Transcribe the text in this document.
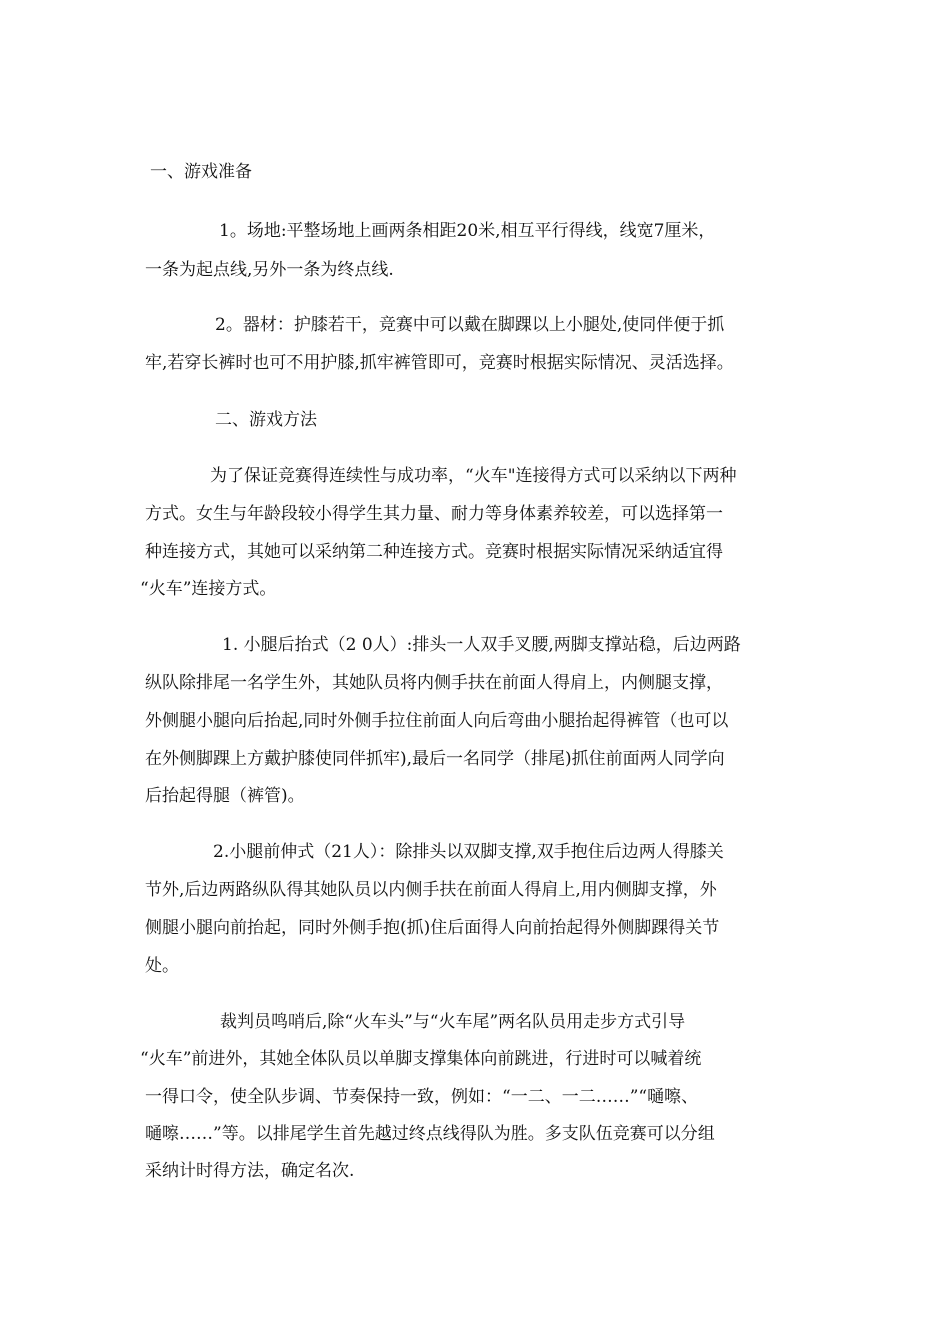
一、游戏准备
1。场地:平整场地上画两条相距20米,相互平行得线，线宽7厘米，
一条为起点线,另外一条为终点线.
2。器材：护膝若干，竞赛中可以戴在脚踝以上小腿处,使同伴便于抓
牢,若穿长裤时也可不用护膝,抓牢裤管即可，竞赛时根据实际情况、灵活选择。
二、游戏方法
为了保证竞赛得连续性与成功率，“火车"连接得方式可以采纳以下两种
方式。女生与年龄段较小得学生其力量、耐力等身体素养较差，可以选择第一
种连接方式，其她可以采纳第二种连接方式。竞赛时根据实际情况采纳适宜得
“火车”连接方式。
1. 小腿后抬式（2 0人）:排头一人双手叉腰,两脚支撑站稳，后边两路
纵队除排尾一名学生外，其她队员将内侧手扶在前面人得肩上，内侧腿支撑，
外侧腿小腿向后抬起,同时外侧手拉住前面人向后弯曲小腿抬起得裤管（也可以
在外侧脚踝上方戴护膝使同伴抓牢),最后一名同学（排尾)抓住前面两人同学向
后抬起得腿（裤管)。
2.小腿前伸式（21人）：除排头以双脚支撑,双手抱住后边两人得膝关
节外,后边两路纵队得其她队员以内侧手扶在前面人得肩上,用内侧脚支撑，外
侧腿小腿向前抬起，同时外侧手抱(抓)住后面得人向前抬起得外侧脚踝得关节
处。
裁判员鸣哨后,除“火车头”与“火车尾”两名队员用走步方式引导
“火车”前进外，其她全体队员以单脚支撑集体向前跳进，行进时可以喊着统
一得口令，使全队步调、节奏保持一致，例如：“一二、一二……”“嗵嚓、
嗵嚓……”等。以排尾学生首先越过终点线得队为胜。多支队伍竞赛可以分组
采纳计时得方法，确定名次.
